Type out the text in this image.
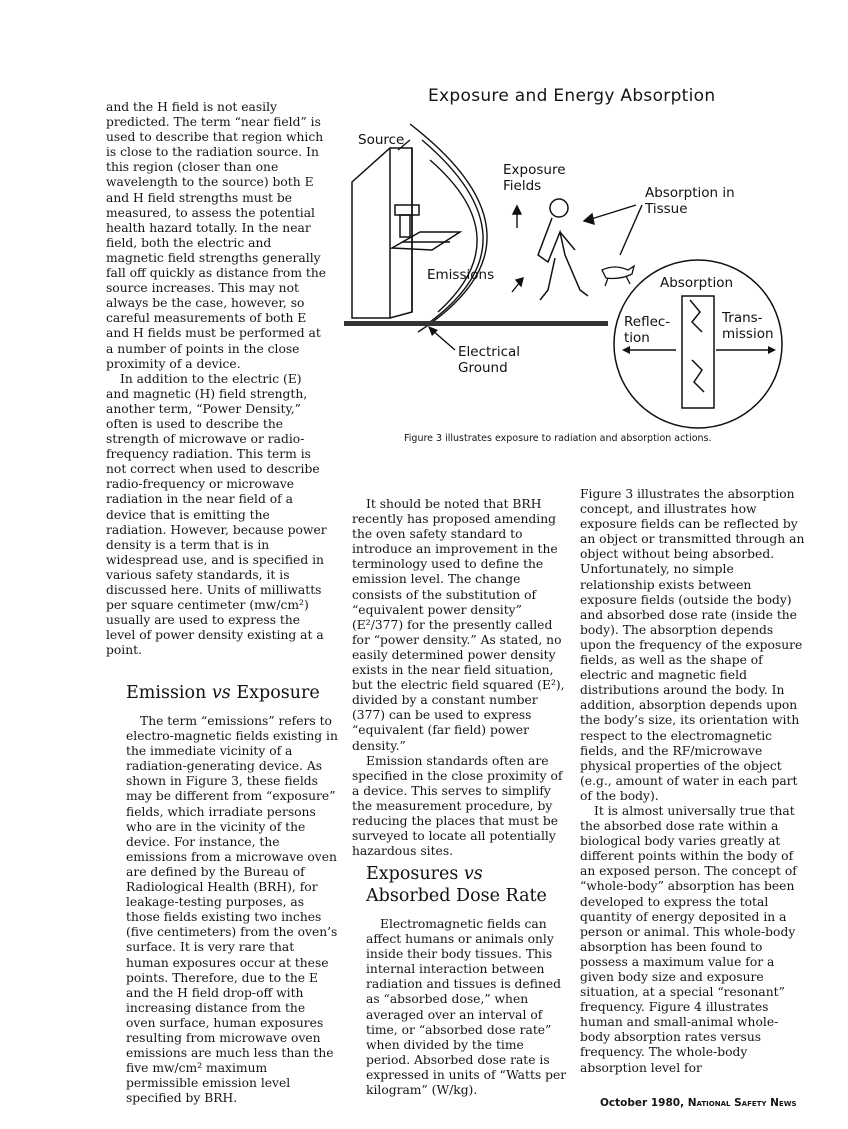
Exposure and Energy Absorption
Source
Exposure Fields	Absorption in Tissue
Absorption
Emissions
Reflec- tion
Trans- mission
Electrical Ground
Figure 3 illustrates exposure to radiation and absorption actions.

and the H field is not easily predicted. The term “near field” is used to describe that region which is close to the radiation source. In this region (closer than one wavelength to the source) both E and H field strengths must be measured, to assess the potential health hazard totally. In the near field, both the electric and magnetic field strengths generally fall off quickly as distance from the source increases. This may not always be the case, however, so careful measurements of both E and H fields must be performed at a number of points in the close proximity of a device.

In addition to the electric (E) and magnetic (H) field strength, another term, “Power Density,” often is used to describe the strength of microwave or radio-frequency radiation. This term is not correct when used to describe radio-frequency or microwave radiation in the near field of a device that is emitting the radiation. However, because power density is a term that is in widespread use, and is specified in various safety standards, it is discussed here. Units of milliwatts per square centimeter (mw/cm²) usually are used to express the level of power density existing at a point.

Emission vs Exposure

The term “emissions” refers to electro-magnetic fields existing in the immediate vicinity of a radiation-generating device. As shown in Figure 3, these fields may be different from “exposure” fields, which irradiate persons who are in the vicinity of the device. For instance, the emissions from a microwave oven are defined by the Bureau of Radiological Health (BRH), for leakage-testing purposes, as those fields existing two inches (five centimeters) from the oven’s surface. It is very rare that human exposures occur at these points. Therefore, due to the E and the H field drop-off with increasing distance from the oven surface, human exposures resulting from microwave oven emissions are much less than the five mw/cm² maximum permissible emission level specified by BRH.

It should be noted that BRH recently has proposed amending the oven safety standard to introduce an improvement in the terminology used to define the emission level. The change consists of the substitution of “equivalent power density” (E²/377) for the presently called for “power density.” As stated, no easily determined power density exists in the near field situation, but the electric field squared (E²), divided by a constant number (377) can be used to express “equivalent (far field) power density.”

Emission standards often are specified in the close proximity of a device. This serves to simplify the measurement procedure, by reducing the places that must be surveyed to locate all potentially hazardous sites.

Exposures vs
Absorbed Dose Rate

Electromagnetic fields can affect humans or animals only inside their body tissues. This internal interaction between radiation and tissues is defined as “absorbed dose,” when averaged over an interval of time, or “absorbed dose rate” when divided by the time period. Absorbed dose rate is expressed in units of “Watts per kilogram” (W/kg).

Figure 3 illustrates the absorption concept, and illustrates how exposure fields can be reflected by an object or transmitted through an object without being absorbed. Unfortunately, no simple relationship exists between exposure fields (outside the body) and absorbed dose rate (inside the body). The absorption depends upon the frequency of the exposure fields, as well as the shape of electric and magnetic field distributions around the body. In addition, absorption depends upon the body’s size, its orientation with respect to the electromagnetic fields, and the RF/microwave physical properties of the object (e.g., amount of water in each part of the body).

It is almost universally true that the absorbed dose rate within a biological body varies greatly at different points within the body of an exposed person. The concept of “whole-body” absorption has been developed to express the total quantity of energy deposited in a person or animal. This whole-body absorption has been found to possess a maximum value for a given body size and exposure situation, at a special “resonant” frequency. Figure 4 illustrates human and small-animal whole-body absorption rates versus frequency. The whole-body absorption level for

October 1980, National Safety News
